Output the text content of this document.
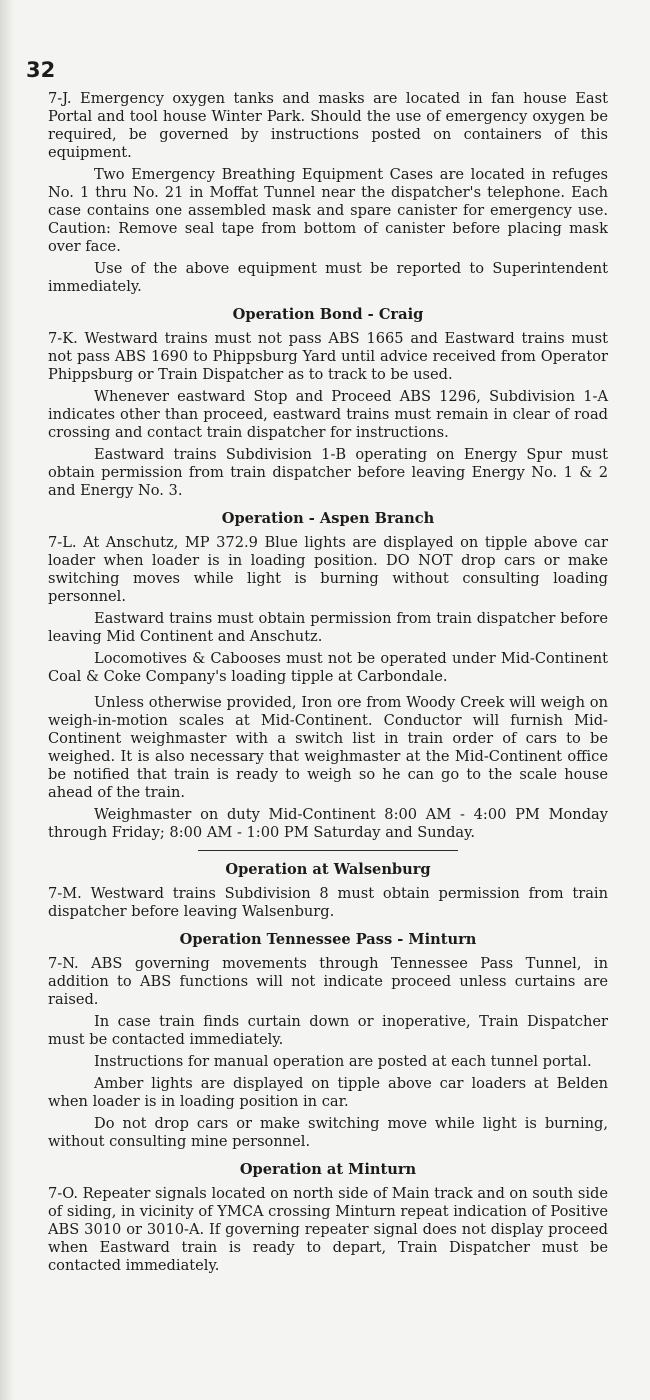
32

7-J. Emergency oxygen tanks and masks are located in fan house East Portal and tool house Winter Park. Should the use of emergency oxygen be required, be governed by instructions posted on containers of this equipment.

Two Emergency Breathing Equipment Cases are located in refuges No. 1 thru No. 21 in Moffat Tunnel near the dispatcher's telephone. Each case contains one assembled mask and spare canister for emergency use. Caution: Remove seal tape from bottom of canister before placing mask over face.

Use of the above equipment must be reported to Superintendent immediately.

Operation Bond - Craig

7-K. Westward trains must not pass ABS 1665 and Eastward trains must not pass ABS 1690 to Phippsburg Yard until advice received from Operator Phippsburg or Train Dispatcher as to track to be used.

Whenever eastward Stop and Proceed ABS 1296, Subdivision 1-A indicates other than proceed, eastward trains must remain in clear of road crossing and contact train dispatcher for instructions.

Eastward trains Subdivision 1-B operating on Energy Spur must obtain permission from train dispatcher before leaving Energy No. 1 & 2 and Energy No. 3.

Operation - Aspen Branch

7-L. At Anschutz, MP 372.9 Blue lights are displayed on tipple above car loader when loader is in loading position. DO NOT drop cars or make switching moves while light is burning without consulting loading personnel.

Eastward trains must obtain permission from train dispatcher before leaving Mid Continent and Anschutz.

Locomotives & Cabooses must not be operated under Mid-Continent Coal & Coke Company's loading tipple at Carbondale.

Unless otherwise provided, Iron ore from Woody Creek will weigh on weigh-in-motion scales at Mid-Continent. Conductor will furnish Mid-Continent weighmaster with a switch list in train order of cars to be weighed. It is also necessary that weighmaster at the Mid-Continent office be notified that train is ready to weigh so he can go to the scale house ahead of the train.

Weighmaster on duty Mid-Continent 8:00 AM - 4:00 PM Monday through Friday; 8:00 AM - 1:00 PM Saturday and Sunday.

Operation at Walsenburg

7-M. Westward trains Subdivision 8 must obtain permission from train dispatcher before leaving Walsenburg.

Operation Tennessee Pass - Minturn

7-N. ABS governing movements through Tennessee Pass Tunnel, in addition to ABS functions will not indicate proceed unless curtains are raised.

In case train finds curtain down or inoperative, Train Dispatcher must be contacted immediately.

Instructions for manual operation are posted at each tunnel portal.

Amber lights are displayed on tipple above car loaders at Belden when loader is in loading position in car.

Do not drop cars or make switching move while light is burning, without consulting mine personnel.

Operation at Minturn

7-O. Repeater signals located on north side of Main track and on south side of siding, in vicinity of YMCA crossing Minturn repeat indication of Positive ABS 3010 or 3010-A. If governing repeater signal does not display proceed when Eastward train is ready to depart, Train Dispatcher must be contacted immediately.
